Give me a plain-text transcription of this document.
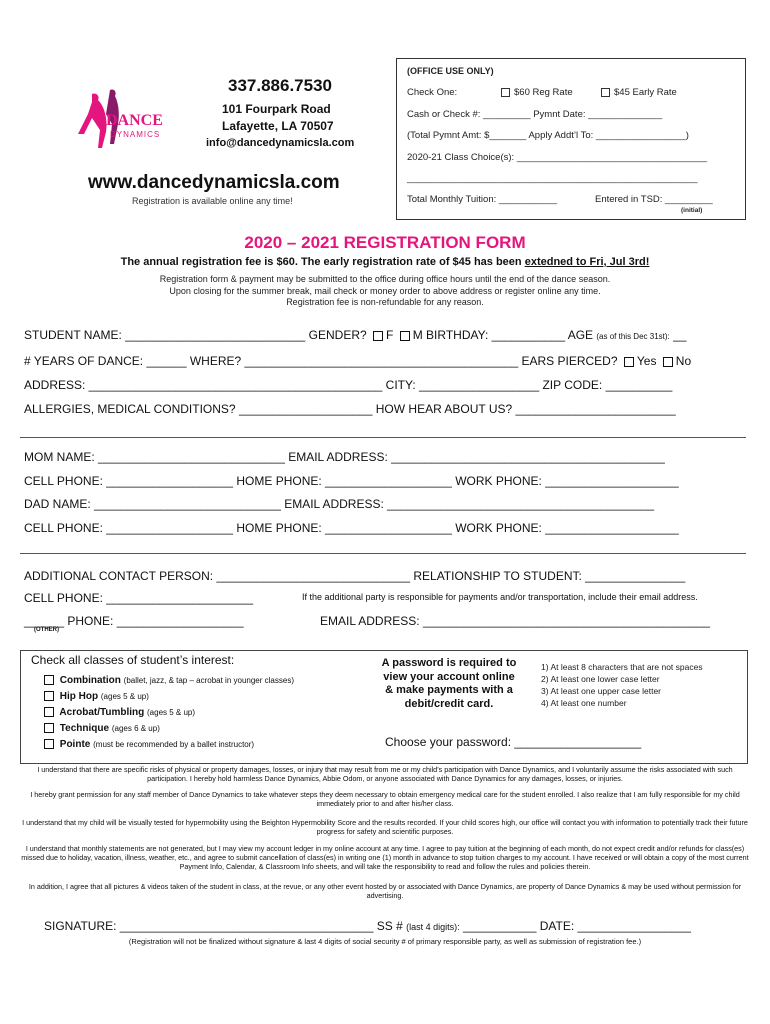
DANCE
DYNAMICS
337.886.7530
101 Fourpark Road
Lafayette, LA 70507
info@dancedynamicsla.com
www.dancedynamicsla.com
Registration is available online any time!
(OFFICE USE ONLY)
Check One:	$60 Reg Rate	$45 Early Rate
Cash or Check #: _________ Pymnt Date: ______________
(Total Pymnt Amt: $_______ Apply Addt’l To: _________________)
2020-21 Class Choice(s): ____________________________________
_______________________________________________________
Total Monthly Tuition: ___________	Entered in TSD: _________
(initial)
2020 – 2021 REGISTRATION FORM
The annual registration fee is $60. The early registration rate of $45 has been extedned to Fri, Jul 3rd!
Registration form & payment may be submitted to the office during office hours until the end of the dance season.
Upon closing for the summer break, mail check or money order to above address or register online any time.
Registration fee is non-refundable for any reason.
STUDENT NAME: ___________________________ GENDER? F M BIRTHDAY: ___________ AGE (as of this Dec 31st): __
# YEARS OF DANCE: ______ WHERE? _________________________________________ EARS PIERCED? Yes No
ADDRESS: ____________________________________________ CITY: __________________ ZIP CODE: __________
ALLERGIES, MEDICAL CONDITIONS? ____________________ HOW HEAR ABOUT US? ________________________
MOM NAME: ____________________________ EMAIL ADDRESS: _________________________________________
CELL PHONE: ___________________ HOME PHONE: ___________________ WORK PHONE: ____________________
DAD NAME: ____________________________ EMAIL ADDRESS: ________________________________________
CELL PHONE: ___________________ HOME PHONE: ___________________ WORK PHONE: ____________________
ADDITIONAL CONTACT PERSON: _____________________________ RELATIONSHIP TO STUDENT: _______________
CELL PHONE: ______________________	If the additional party is responsible for payments and/or transportation, include their email address.
______ PHONE: ___________________
(OTHER)
EMAIL ADDRESS: ___________________________________________
Check all classes of student’s interest:
Combination (ballet, jazz, & tap – acrobat in younger classes)
Hip Hop (ages 5 & up)
Acrobat/Tumbling (ages 5 & up)
Technique (ages 6 & up)
Pointe (must be recommended by a ballet instructor)
A password is required to view your account online & make payments with a debit/credit card.
1) At least 8 characters that are not spaces
2) At least one lower case letter
3) At least one upper case letter
4) At least one number
Choose your password: ___________________
I understand that there are specific risks of physical or property damages, losses, or injury that may result from me or my child’s participation with Dance Dynamics, and I voluntarily assume the risks associated with such participation. I hereby hold harmless Dance Dynamics, Abbie Odom, or anyone associated with Dance Dynamics for any damages, losses, or injuries.
I hereby grant permission for any staff member of Dance Dynamics to take whatever steps they deem necessary to obtain emergency medical care for the student enrolled. I also realize that I am fully responsible for my child immediately prior to and after his/her class.
I understand that my child will be visually tested for hypermobility using the Beighton Hypermobility Score and the results recorded. If your child scores high, our office will contact you with information to potentially track their future progress for safety and scientific purposes.
I understand that monthly statements are not generated, but I may view my account ledger in my online account at any time. I agree to pay tuition at the beginning of each month, do not expect credit and/or refunds for class(es) missed due to holiday, vacation, illness, weather, etc., and agree to submit cancellation of class(es) in writing one (1) month in advance to stop tuition charges to my account. I have received or will obtain a copy of the most current Payment Info, Calendar, & Classroom Info sheets, and will take the responsibility to read and follow the rules and policies therein.
In addition, I agree that all pictures & videos taken of the student in class, at the revue, or any other event hosted by or associated with Dance Dynamics, are property of Dance Dynamics & may be used without permission for advertising.
SIGNATURE: ______________________________________ SS # (last 4 digits): ___________ DATE: _________________
(Registration will not be finalized without signature & last 4 digits of social security # of primary responsible party, as well as submission of registration fee.)
